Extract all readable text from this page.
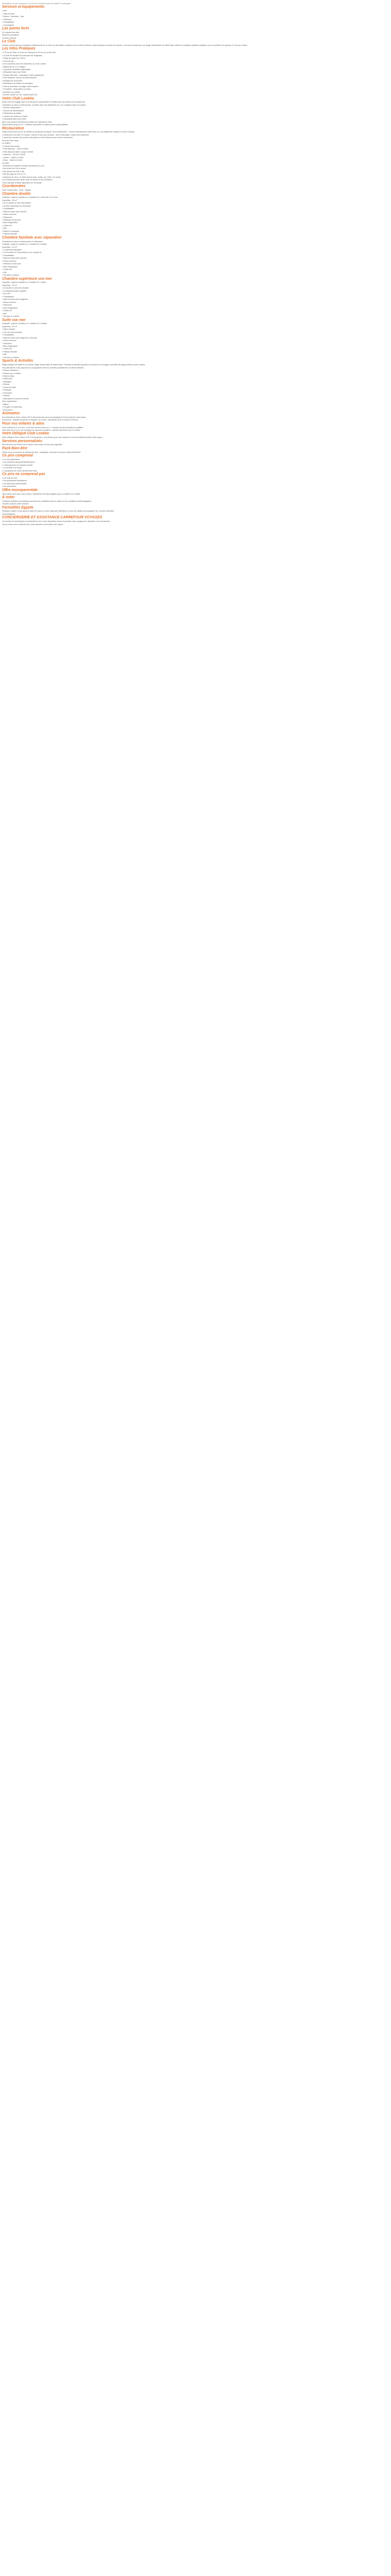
Description Ce prix comprend / Ce prix ne comprend pas Formalités Conciergerie

Services et équipements

• Wifi

• Salle de bain

• Sauna - Hammam - Spa

• Télévision

• Climatisation

• Conciergerie

Les points forts

Un espace bien-être

Diverses animations

Confort moderne

Le Club

Laissez-vous tenter par l'ambiance chaleureuse de ce club à la décoration moderne et au confort moderne. Après quelques minutes de marche, vous serez séduit par une plage interminable de sable blanc offrant de multiples activités nautiques, pour les petits et les grands. À vous de choisir !

Les Infos Pratiques

• À 5 km de Taba, à 13 km de l'aéroport et 15 km du centre-ville

• À 2h30 de transfert de l'aéroport de Hurghada

• Plage de sable fin à 150 m

• Front de mer

• 204 chambres dont 100 réservées au Club Lookéa

• Bâtiments de 2 à 3 étages

• Chambres familiales disponibles

• Wifi gratuit dans tout l'hôtel

• Espace bien-être : massages contre supplément

• Une infirmerie, service de blanchisserie

• Boutique de souvenirs

• Distributeur de billets à la réception

• Prêt de serviettes de plage contre caution

• Transferts : réservation sur place

• Animaux non admis

• Arrivée à partir de 14h, départ avant 12h

Votre Club Lookéa

Notre club est engagé dans une démarche responsable et certifié pour ses actions éco-citoyennes.

Chambres au décor contemporain, ouvertes dans des bâtiments de 2 ou 3 étages à flanc de colline.

• Service restauration*

• Service de blanchisserie

• Distributeur de billets

• Location de voitures à l'hôtel

• Wifi gratuit dans tout l'hôtel

Ainsi vous pourrez pleinement profiter de l'expérience Club.

Départ tardif, jusqu'à 17h : chambre accessible en option (selon disponibilités).

Restauration

Repas servis sous forme de buffets au restaurant principal "Terra Restaurant" : cuisine internationale variée avec un coin pâtisserie-crêperie et show cooking.

1 restaurant à la carte "El Campo" (ouvert 5 soirs par semaine ; avec réservation, repas hors boissons).

1 snack-bar servant des snacks, des glaces et des boissons aux heures d'ouverture.

Formule Tout Inclus.

LA TABLE

• Formule tout inclus

• Petit déjeuner : 7h00 à 10h00

• Petit déjeuner tardif : jusqu'à 10h30

• Déjeuner : 12h30 à 14h30

• Goûter : 16h00 à 17h00

• Dîner : 18h30 à 21h00

LE BAR

• Sélection de boissons locales alcoolisées ou non

• Bar ouvert de 10h à minuit

• Bar piscine de 10h à 18h

• Bar de plage de 10h à 17h

• Boissons au verre, en libre-service (eau, sodas, jus, bière, vin local)

Les horaires peuvent varier selon la saison et les conditions.

Carte spéciale enfants disponible sur demande.

Coordonnées

Club Lookéa Taba - Sinaï - Egypte

Chambre double

Capacité : jusqu'à 2 adultes ou 2 adultes et 1 enfant de 2 à 11 ans

Superficie : 28 m²

• Un lit double ou deux lits simples

• Lit bébé disponible sur demande

• Climatisation

• Salle de bains avec douche

• Sèche-cheveux

• Téléphone

• Télévision écran plat

• Mini-réfrigérateur

• Coffre-fort

• Wifi

• Balcon ou terrasse

• Plateau thé/café

Chambre familiale avec séparation

Chambres au décor contemporain et chaleureux.

Capacité : jusqu'à 4 adultes ou 2 adultes et 2 enfants

Superficie : 42 m²

• 2 chambres séparées

• Un lit double et 2 lits simples ou un canapé-lit

• Climatisation

• Salle de bains avec douche

• Sèche-cheveux

• Télévision écran plat

• Mini-réfrigérateur

• Coffre-fort

• Wifi

• Terrasse ou balcon

Chambre supérieure vue mer

Capacité : jusqu'à 3 adultes ou 2 adultes et 1 enfant

Superficie : 32 m²

• Lit double ou deux lits simples

• Lit supplémentaire possible

• Vue mer

• Climatisation

• Salle de bains avec baignoire

• Sèche-cheveux

• Télévision

• Mini-réfrigérateur

• Coffre-fort

• Wifi

• Terrasse ou balcon

Suite vue mer

Capacité : jusqu'à 4 adultes ou 2 adultes et 2 enfants

Superficie : 52 m²

• Séjour séparé

• Vue mer panoramique

• Climatisation

• Salle de bains avec baignoire et douche

• Sèche-cheveux

• Télévision

• Mini-réfrigérateur

• Coffre-fort

• Plateau thé/café

• Wifi

• Terrasse ou balcon

Sports & Activités

Plage publique de sable fin et piscine, plage interminable de sable blanc. Transats et parasols gratuits à la piscine et à la plage, serviettes de plage prêtées contre caution.

Nos animateurs vous proposent un programme riche en activités quotidiennes et soirées festives.

• Piscine extérieure

• Piscine pour enfants

• Beach-volley

• Water-polo

• Aquagym

• Fitness

• Tennis de table

• Pétanque

• Fléchettes

• Danses

• Spectacles et soirées à thème

Avec supplément :

• Billard

• Plongée et snorkeling

• Excursions

Animation

Nos animateurs Club Lookéa 100 % francophones vous accompagnent tout au long de votre séjour.

En journée : activités sportives et ludiques, en soirée : spectacles, jeux et soirées à thème.

Pour vos enfants & ados

Club enfants de 4 à 12 ans : mini-club ouvert 6 jours sur 7, encadré par des animateurs qualifiés.

Club ados de 13 à 17 ans pendant les vacances scolaires : activités sportives, jeux et sorties.

Votre Délégué Club Lookéa

Votre délégué Club Lookéa, 100 % francophone, est présent pour vous informer et vous conseiller pendant votre séjour.

Services personnalisés

Des services sur mesure pour rendre votre séjour encore plus agréable.

Pack Bien-être

Offrez-vous un moment de détente au Spa : massages, hammam et sauna à tarif préférentiel.

Ce prix comprend

• Les vols aller/retour

• Les transferts aéroport/hôtel/aéroport

• L'hébergement en chambre double

• La formule Tout Inclus

• L'assistance de notre représentant local

Ce prix ne comprend pas

• Les frais de visa

• Les assurances facultatives

• Les dépenses personnelles

• Les excursions

Offre monoparentale

Vous partez seul avec votre enfant ? Bénéficiez de tarifs adaptés pour un adulte et un enfant.

À noter

Certaines activités et prestations peuvent être modifiées selon la saison et les conditions météorologiques.

Horaires donnés à titre indicatif.

Formalités Egypte

Passeport valide 6 mois après la date de retour ou carte nationale d'identité en cours de validité accompagnée de 2 photos d'identité.

Visa obligatoire.

CONCIERGERIE ET ASSISTANCE CARREFOUR VOYAGES

Un service de conciergerie et d'assistance est à votre disposition avant et pendant votre voyage pour répondre à vos demandes.

Vous pouvez nous contacter pour toute question concernant votre séjour.
